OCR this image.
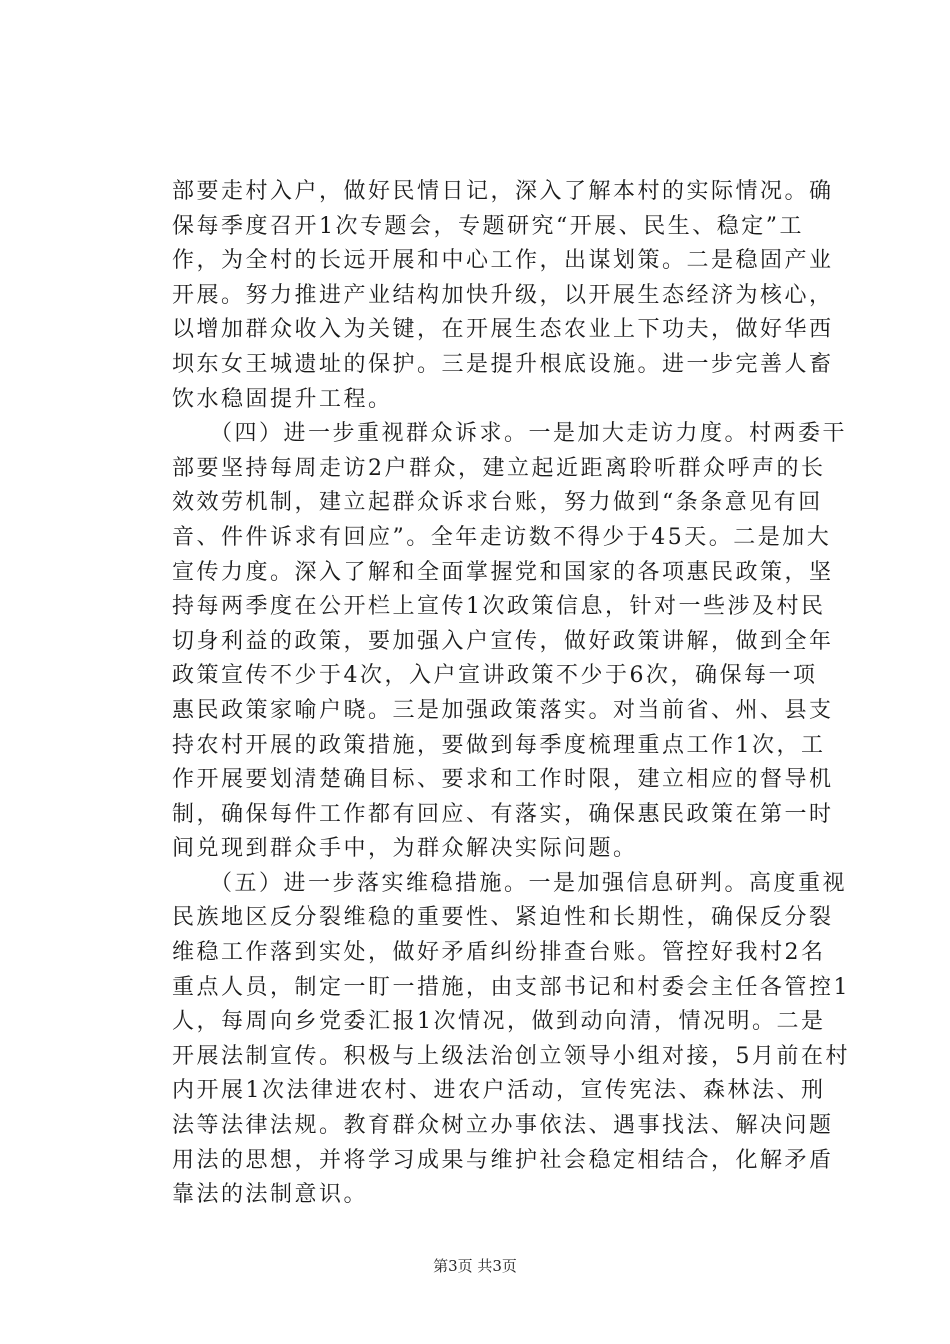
部要走村入户，做好民情日记，深入了解本村的实际情况。确
保每季度召开1次专题会，专题研究“开展、民生、稳定”工
作，为全村的长远开展和中心工作，出谋划策。二是稳固产业
开展。努力推进产业结构加快升级，以开展生态经济为核心，
以增加群众收入为关键，在开展生态农业上下功夫，做好华西
坝东女王城遗址的保护。三是提升根底设施。进一步完善人畜
饮水稳固提升工程。
　　（四）进一步重视群众诉求。一是加大走访力度。村两委干
部要坚持每周走访2户群众，建立起近距离聆听群众呼声的长
效效劳机制，建立起群众诉求台账，努力做到“条条意见有回
音、件件诉求有回应”。全年走访数不得少于45天。二是加大
宣传力度。深入了解和全面掌握党和国家的各项惠民政策，坚
持每两季度在公开栏上宣传1次政策信息，针对一些涉及村民
切身利益的政策，要加强入户宣传，做好政策讲解，做到全年
政策宣传不少于4次，入户宣讲政策不少于6次，确保每一项
惠民政策家喻户晓。三是加强政策落实。对当前省、州、县支
持农村开展的政策措施，要做到每季度梳理重点工作1次，工
作开展要划清楚确目标、要求和工作时限，建立相应的督导机
制，确保每件工作都有回应、有落实，确保惠民政策在第一时
间兑现到群众手中，为群众解决实际问题。
　　（五）进一步落实维稳措施。一是加强信息研判。高度重视
民族地区反分裂维稳的重要性、紧迫性和长期性，确保反分裂
维稳工作落到实处，做好矛盾纠纷排查台账。管控好我村2名
重点人员，制定一盯一措施，由支部书记和村委会主任各管控1
人，每周向乡党委汇报1次情况，做到动向清，情况明。二是
开展法制宣传。积极与上级法治创立领导小组对接，5月前在村
内开展1次法律进农村、进农户活动，宣传宪法、森林法、刑
法等法律法规。教育群众树立办事依法、遇事找法、解决问题
用法的思想，并将学习成果与维护社会稳定相结合，化解矛盾
靠法的法制意识。
第3页 共3页
